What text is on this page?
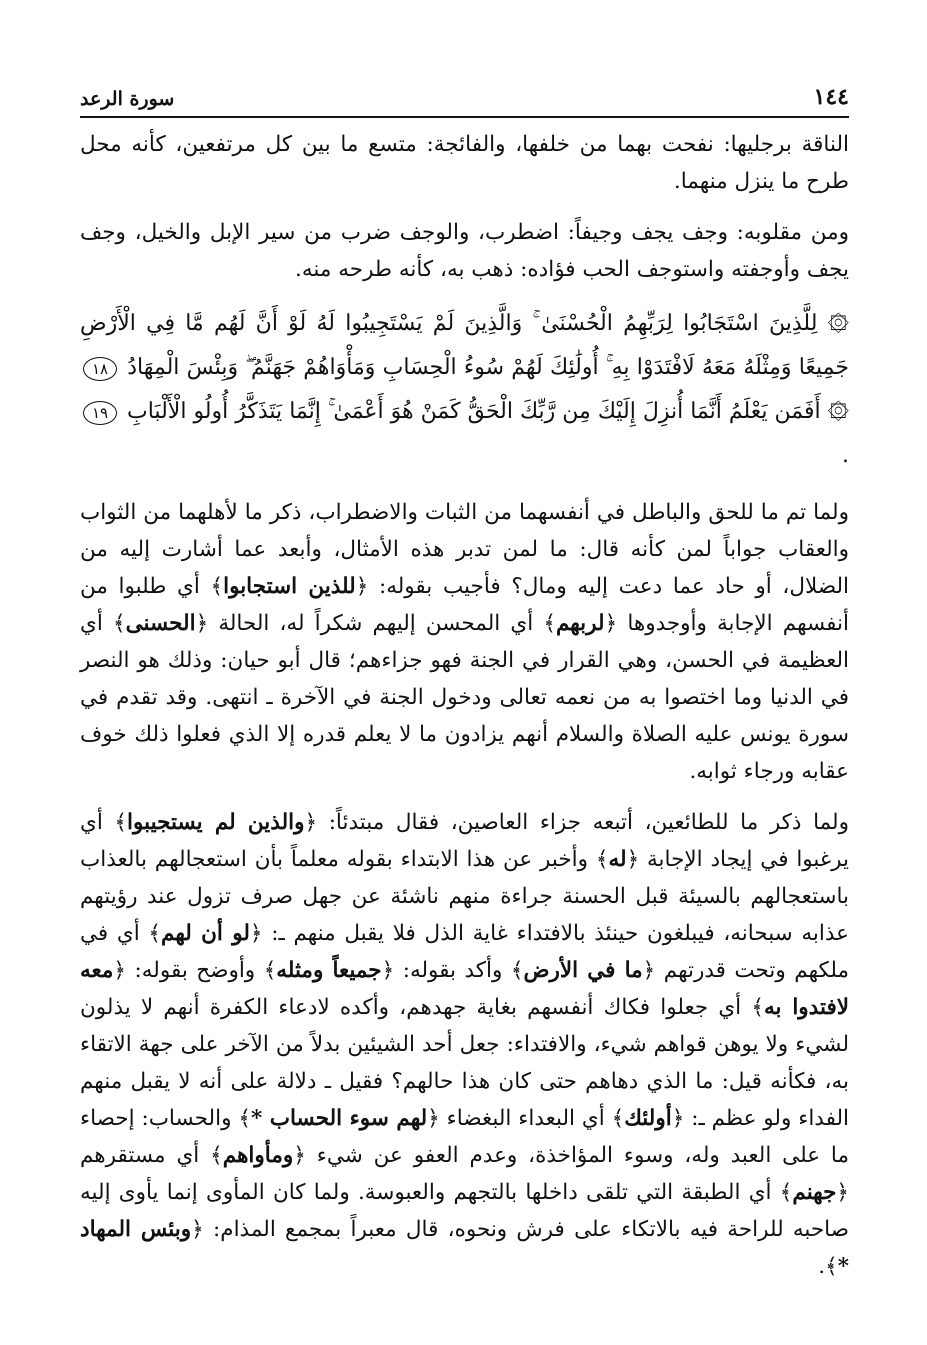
١٤٤
سورة الرعد

الناقة برجليها: نفحت بهما من خلفها، والفائجة: متسع ما بين كل مرتفعين، كأنه محل طرح ما ينزل منهما.

ومن مقلوبه: وجف يجف وجيفاً: اضطرب، والوجف ضرب من سير الإبل والخيل، وجف يجف وأوجفته واستوجف الحب فؤاده: ذهب به، كأنه طرحه منه.

۞ لِلَّذِينَ اسْتَجَابُوا لِرَبِّهِمُ الْحُسْنَىٰ ۚ وَالَّذِينَ لَمْ يَسْتَجِيبُوا لَهُ لَوْ أَنَّ لَهُم مَّا فِي الْأَرْضِ جَمِيعًا وَمِثْلَهُ مَعَهُ لَافْتَدَوْا بِهِ ۚ أُولَٰئِكَ لَهُمْ سُوءُ الْحِسَابِ وَمَأْوَاهُمْ جَهَنَّمُ ۖ وَبِئْسَ الْمِهَادُ ١٨ ۞ أَفَمَن يَعْلَمُ أَنَّمَا أُنزِلَ إِلَيْكَ مِن رَّبِّكَ الْحَقُّ كَمَنْ هُوَ أَعْمَىٰ ۚ إِنَّمَا يَتَذَكَّرُ أُولُو الْأَلْبَابِ ١٩ .

ولما تم ما للحق والباطل في أنفسهما من الثبات والاضطراب، ذكر ما لأهلهما من الثواب والعقاب جواباً لمن كأنه قال: ما لمن تدبر هذه الأمثال، وأبعد عما أشارت إليه من الضلال، أو حاد عما دعت إليه ومال؟ فأجيب بقوله: ﴿ للذين استجابوا ﴾ أي طلبوا من أنفسهم الإجابة وأوجدوها ﴿ لربهم ﴾ أي المحسن إليهم شكراً له، الحالة ﴿ الحسنى ﴾ أي العظيمة في الحسن، وهي القرار في الجنة فهو جزاءهم؛ قال أبو حيان: وذلك هو النصر في الدنيا وما اختصوا به من نعمه تعالى ودخول الجنة في الآخرة ـ انتهى. وقد تقدم في سورة يونس عليه الصلاة والسلام أنهم يزادون ما لا يعلم قدره إلا الذي فعلوا ذلك خوف عقابه ورجاء ثوابه.

ولما ذكر ما للطائعين، أتبعه جزاء العاصين، فقال مبتدئاً: ﴿ والذين لم يستجيبوا ﴾ أي يرغبوا في إيجاد الإجابة ﴿ له ﴾ وأخبر عن هذا الابتداء بقوله معلماً بأن استعجالهم بالعذاب باستعجالهم بالسيئة قبل الحسنة جراءة منهم ناشئة عن جهل صرف تزول عند رؤيتهم عذابه سبحانه، فيبلغون حينئذ بالافتداء غاية الذل فلا يقبل منهم ـ: ﴿ لو أن لهم ﴾ أي في ملكهم وتحت قدرتهم ﴿ ما في الأرض ﴾ وأكد بقوله: ﴿ جميعاً ومثله ﴾ وأوضح بقوله: ﴿ معه لافتدوا به ﴾ أي جعلوا فكاك أنفسهم بغاية جهدهم، وأكده لادعاء الكفرة أنهم لا يذلون لشيء ولا يوهن قواهم شيء، والافتداء: جعل أحد الشيئين بدلاً من الآخر على جهة الاتقاء به، فكأنه قيل: ما الذي دهاهم حتى كان هذا حالهم؟ فقيل ـ دلالة على أنه لا يقبل منهم الفداء ولو عظم ـ: ﴿ أولئك ﴾ أي البعداء البغضاء ﴿ لهم سوء الحساب * ﴾ والحساب: إحصاء ما على العبد وله، وسوء المؤاخذة، وعدم العفو عن شيء ﴿ ومأواهم ﴾ أي مستقرهم ﴿ جهنم ﴾ أي الطبقة التي تلقى داخلها بالتجهم والعبوسة. ولما كان المأوى إنما يأوى إليه صاحبه للراحة فيه بالاتكاء على فرش ونحوه، قال معبراً بمجمع المذام: ﴿ وبئس المهاد * ﴾.
